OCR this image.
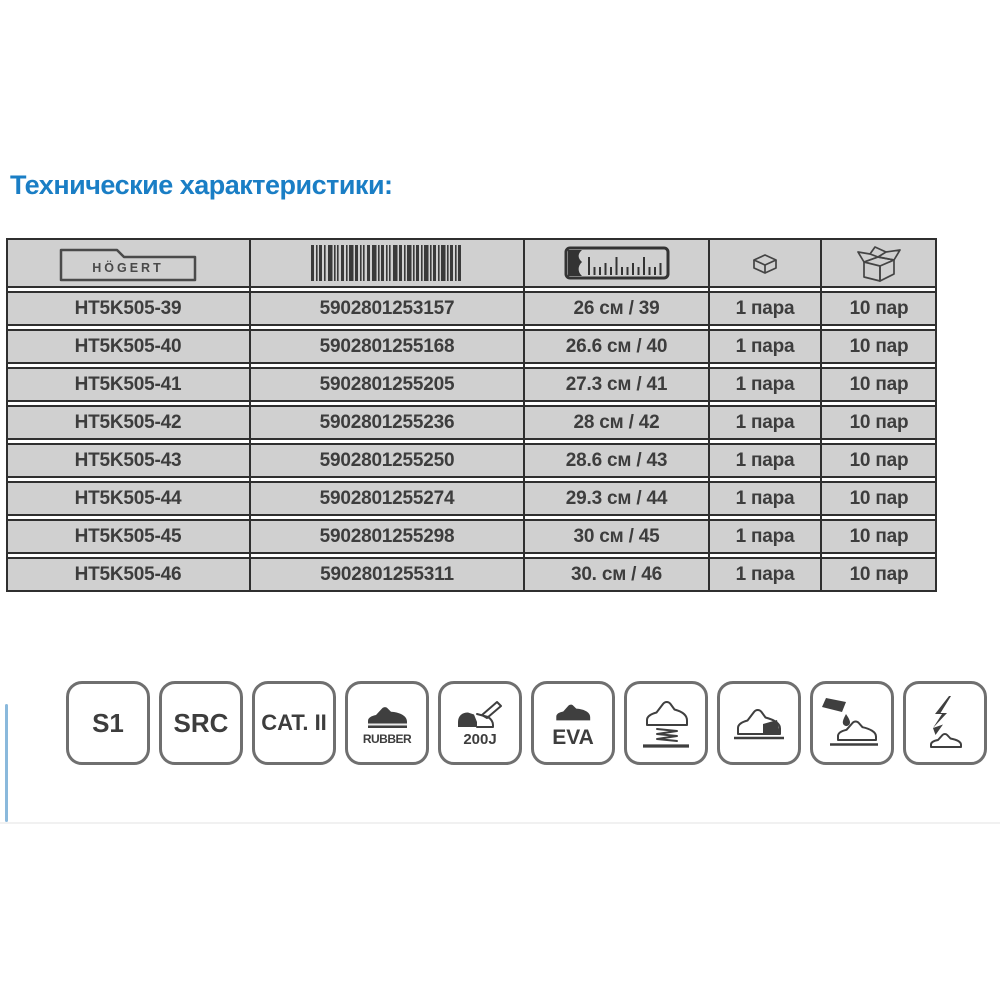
Технические характеристики:
HÖGERT
HT5K505-39	5902801253157	26 см / 39	1 пара	10 пар
HT5K505-40	5902801255168	26.6 см / 40	1 пара	10 пар
HT5K505-41	5902801255205	27.3 см / 41	1 пара	10 пар
HT5K505-42	5902801255236	28 см / 42	1 пара	10 пар
HT5K505-43	5902801255250	28.6 см / 43	1 пара	10 пар
HT5K505-44	5902801255274	29.3 см / 44	1 пара	10 пар
HT5K505-45	5902801255298	30 см / 45	1 пара	10 пар
HT5K505-46	5902801255311	30. см / 46	1 пара	10 пар
S1 SRC CAT. II
RUBBER	200J	EVA
